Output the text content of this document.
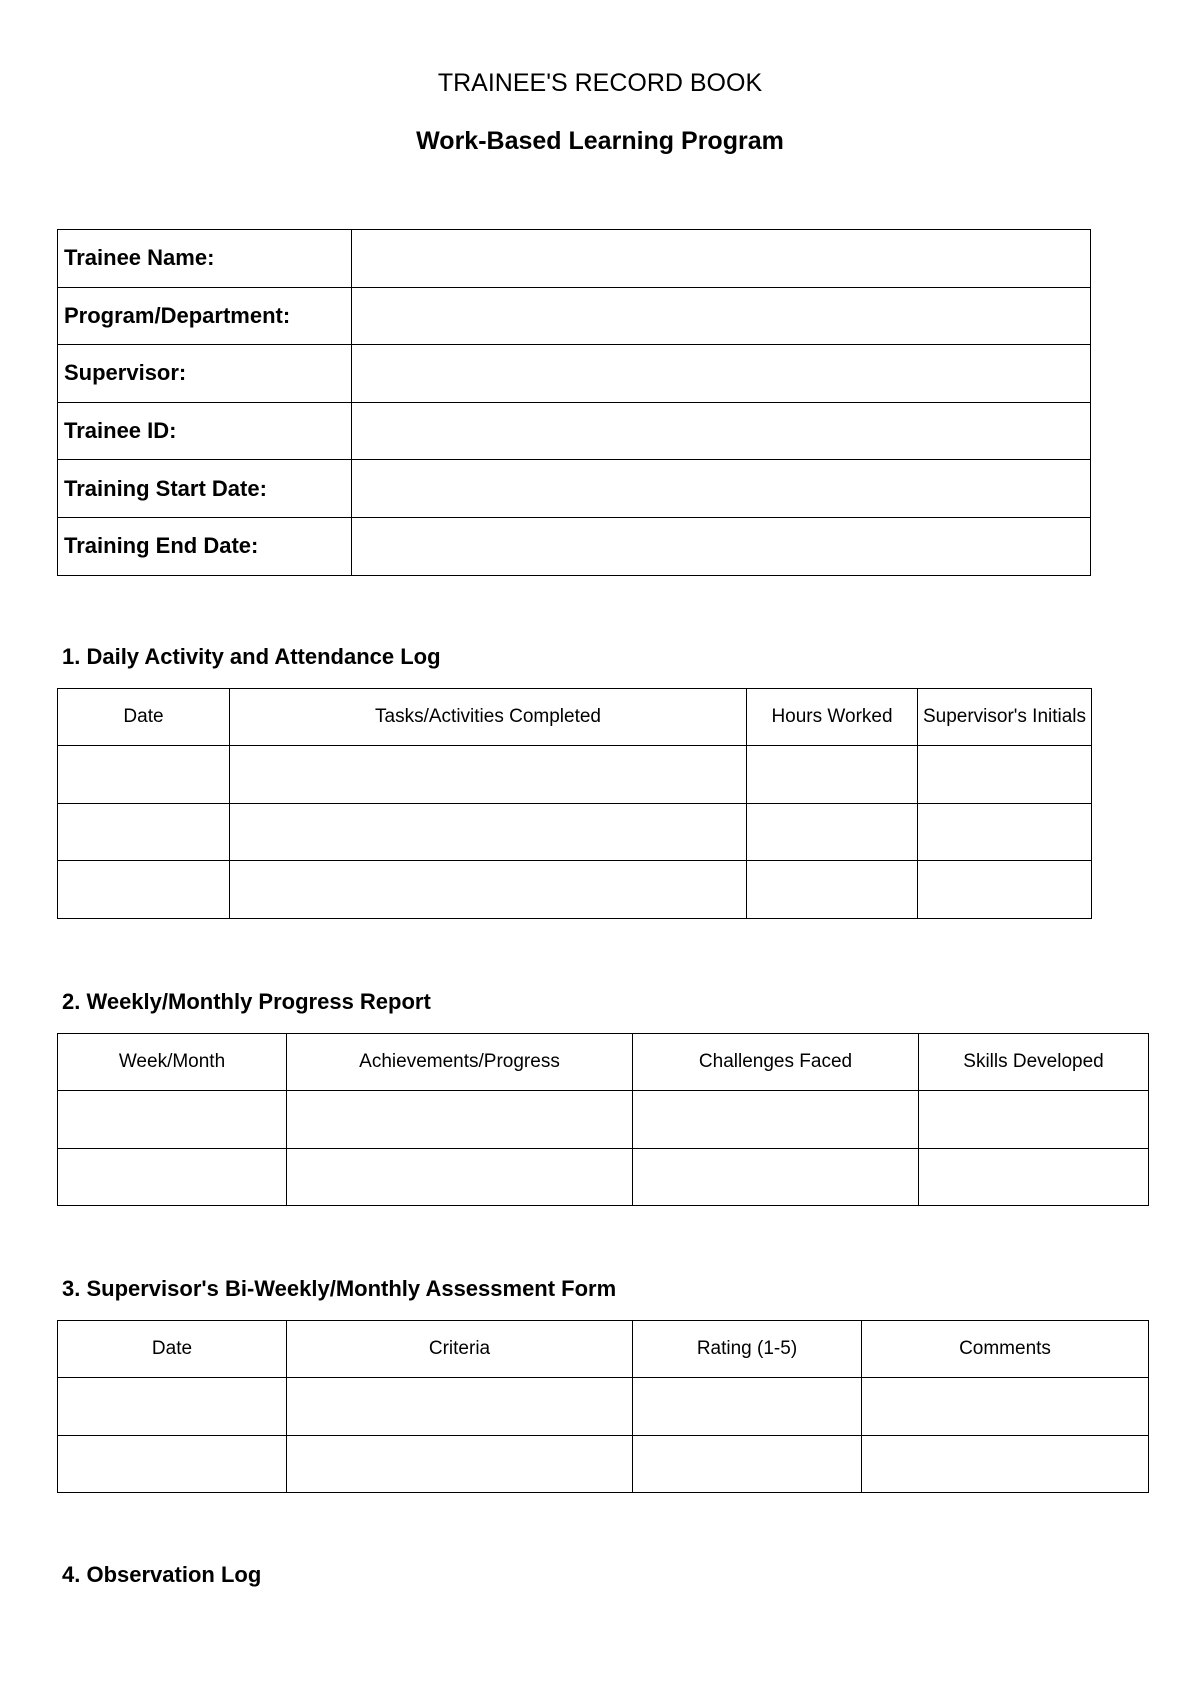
TRAINEE'S RECORD BOOK
Work-Based Learning Program
Trainee Name:	
Program/Department:	
Supervisor:	
Trainee ID:	
Training Start Date:	
Training End Date:	
1. Daily Activity and Attendance Log
Date	Tasks/Activities Completed	Hours Worked	Supervisor's Initials

2. Weekly/Monthly Progress Report
Week/Month	Achievements/Progress	Challenges Faced	Skills Developed

3. Supervisor's Bi-Weekly/Monthly Assessment Form
Date	Criteria	Rating (1-5)	Comments

4. Observation Log
